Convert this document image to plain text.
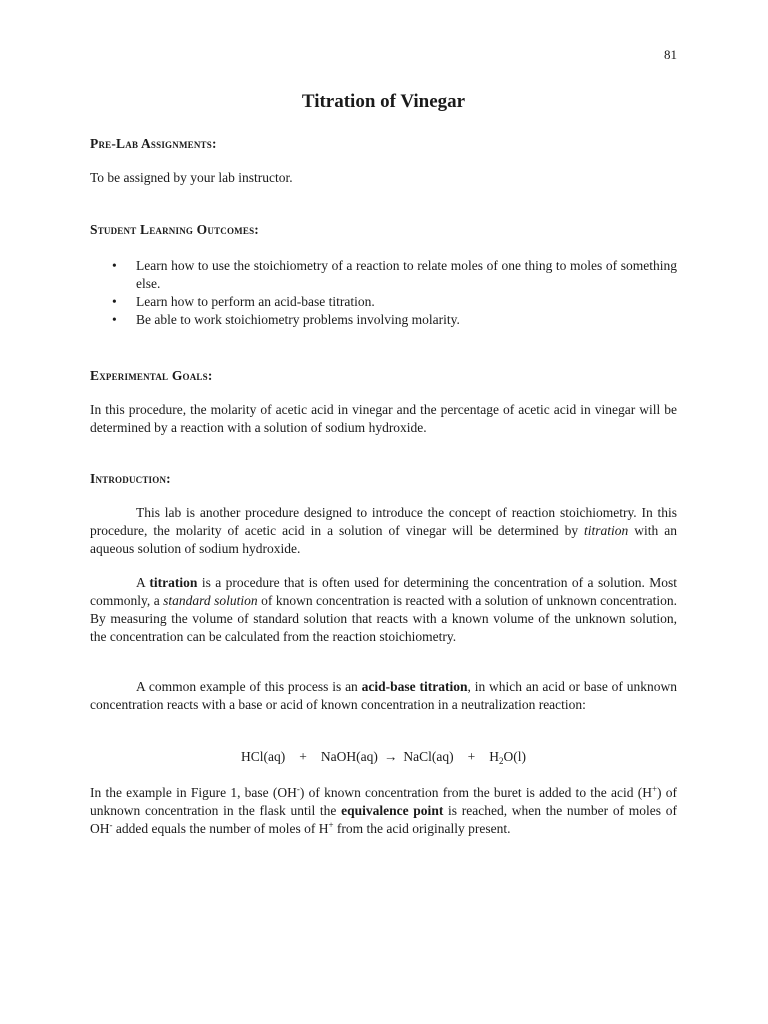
81
Titration of Vinegar
Pre-Lab Assignments:
To be assigned by your lab instructor.
Student Learning Outcomes:
• Learn how to use the stoichiometry of a reaction to relate moles of one thing to moles of something else.
• Learn how to perform an acid-base titration.
• Be able to work stoichiometry problems involving molarity.
Experimental Goals:
In this procedure, the molarity of acetic acid in vinegar and the percentage of acetic acid in vinegar will be determined by a reaction with a solution of sodium hydroxide.
Introduction:
This lab is another procedure designed to introduce the concept of reaction stoichiometry. In this procedure, the molarity of acetic acid in a solution of vinegar will be determined by titration with an aqueous solution of sodium hydroxide.
A titration is a procedure that is often used for determining the concentration of a solution. Most commonly, a standard solution of known concentration is reacted with a solution of unknown concentration. By measuring the volume of standard solution that reacts with a known volume of the unknown solution, the concentration can be calculated from the reaction stoichiometry.
A common example of this process is an acid-base titration, in which an acid or base of unknown concentration reacts with a base or acid of known concentration in a neutralization reaction:
HCl(aq) + NaOH(aq) → NaCl(aq) + $H_2O(l)$
In the example in Figure 1, base (OH-) of known concentration from the buret is added to the acid (H+) of unknown concentration in the flask until the equivalence point is reached, when the number of moles of OH- added equals the number of moles of H+ from the acid originally present.
